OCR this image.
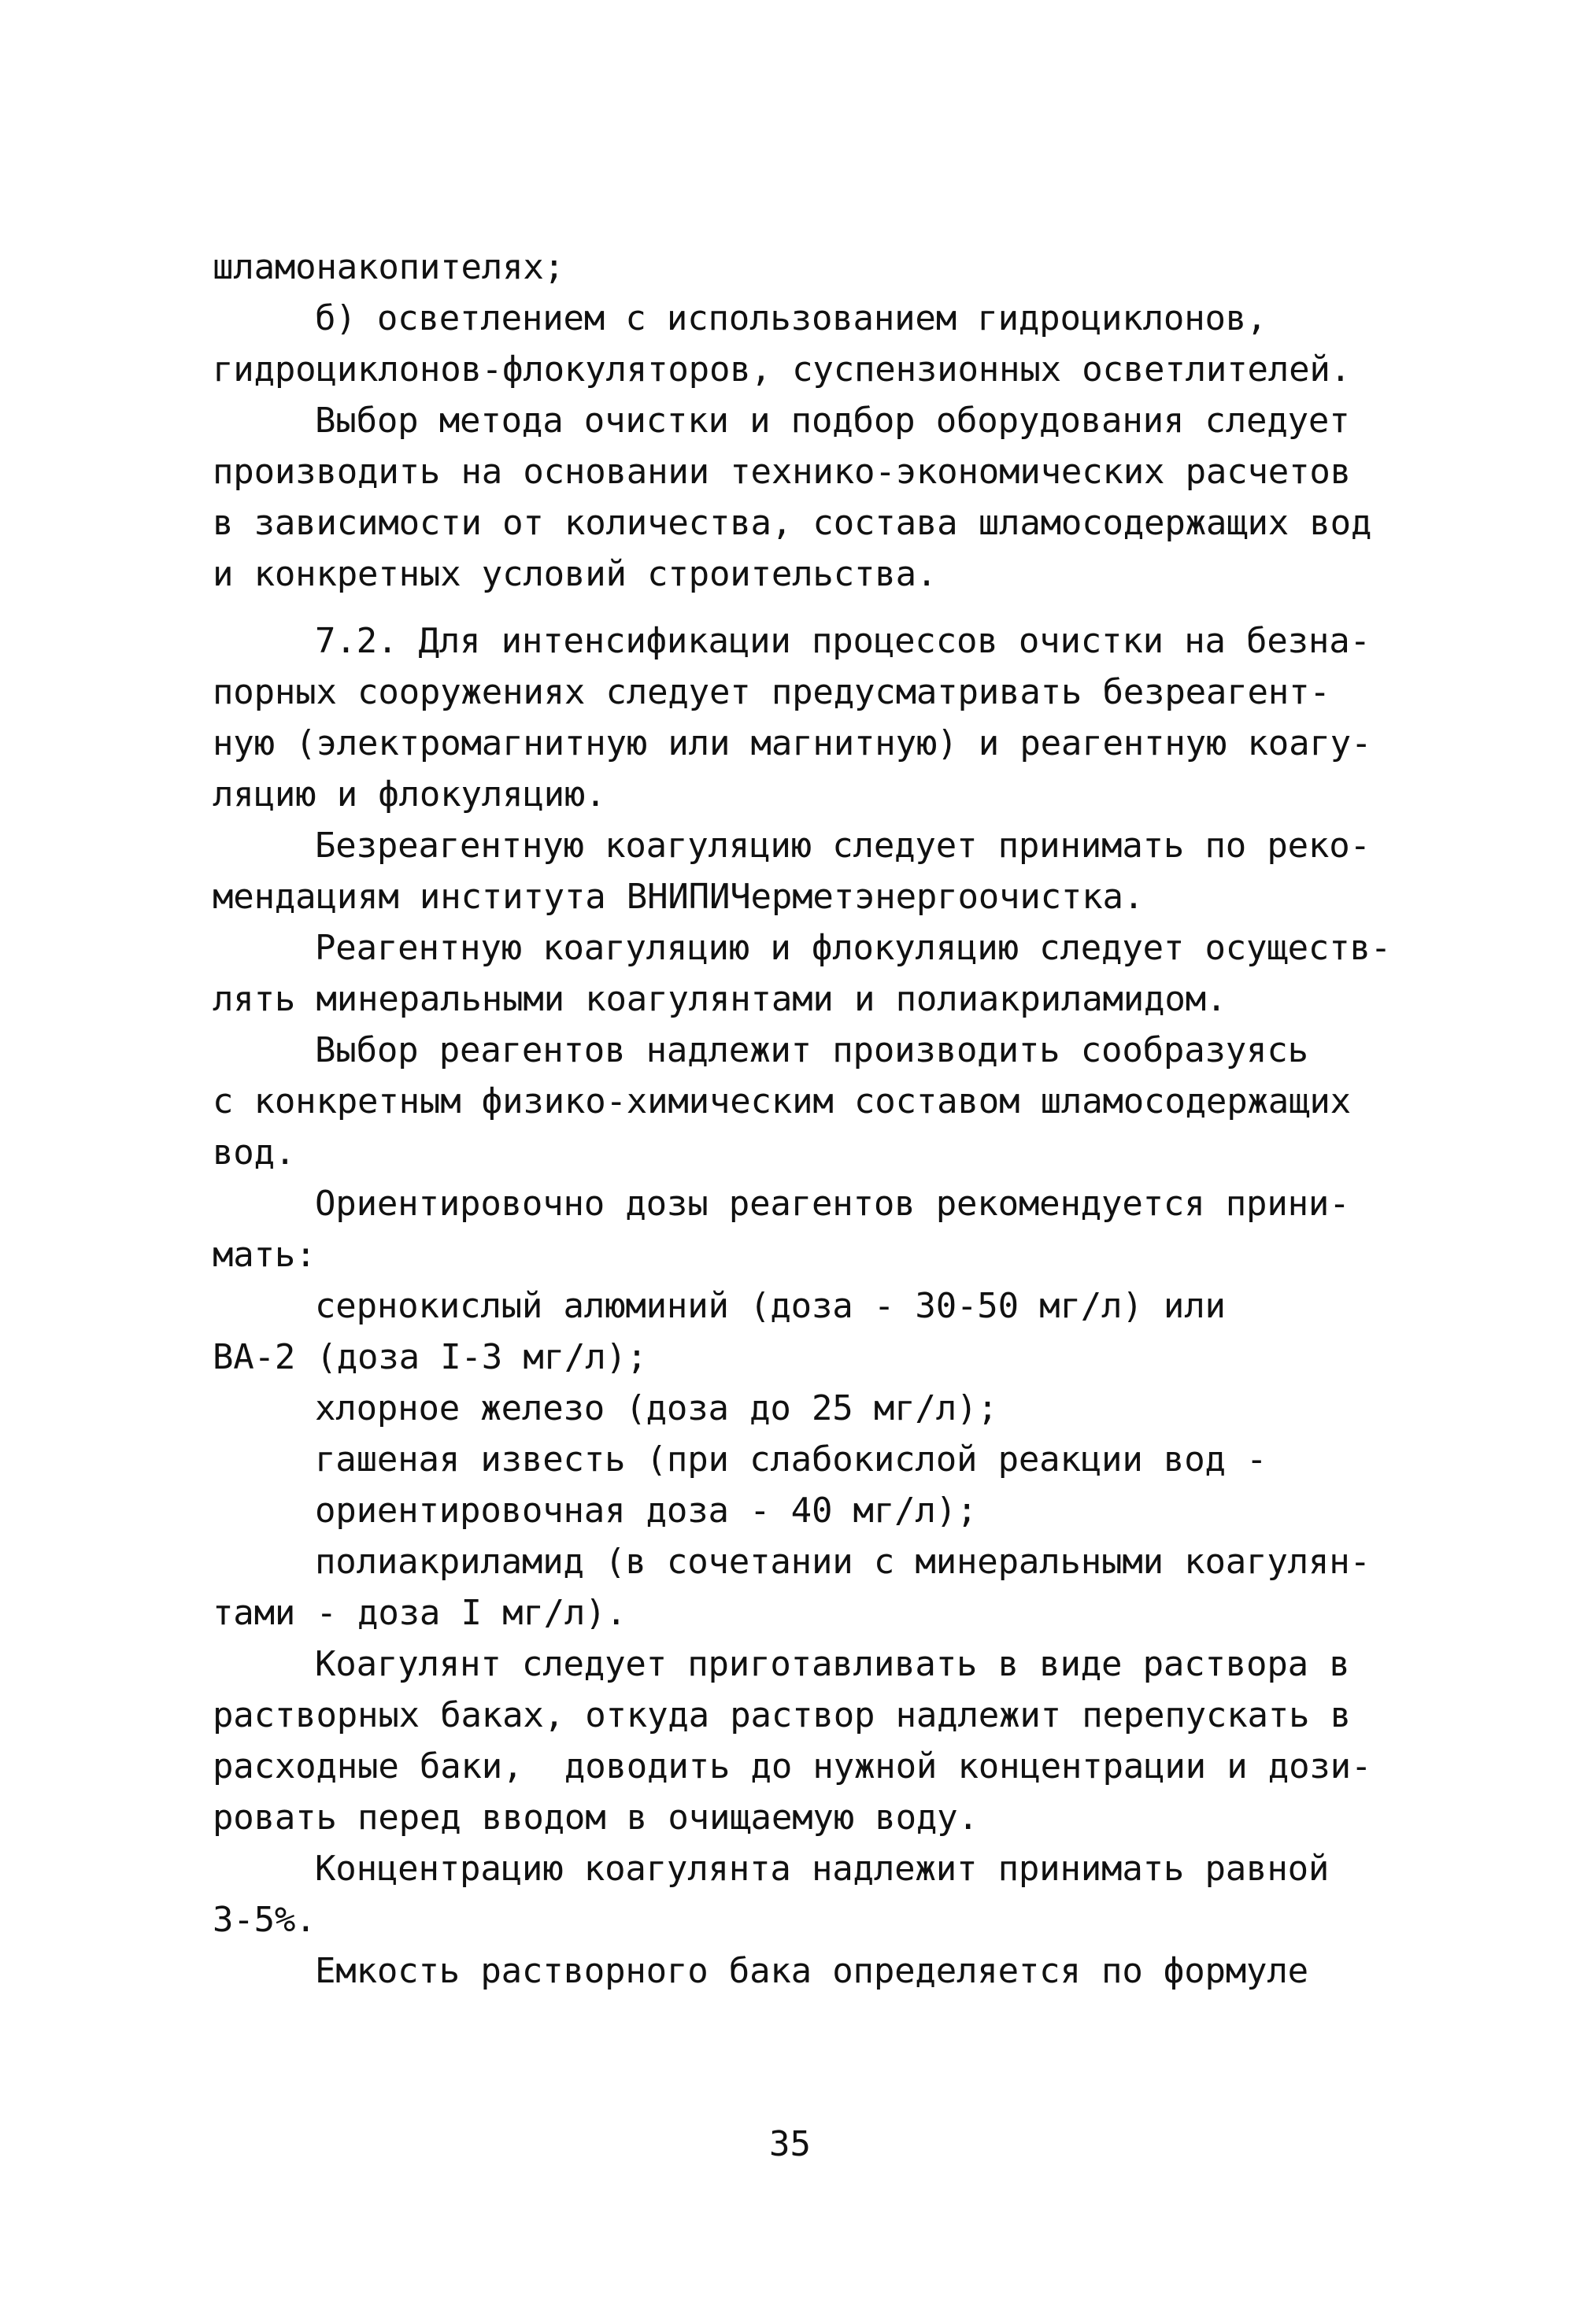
шламонакопителях;
б) осветлением с использованием гидроциклонов,
гидроциклонов-флокуляторов, суспензионных осветлителей.
Выбор метода очистки и подбор оборудования следует
производить на основании технико-экономических расчетов
в зависимости от количества, состава шламосодержащих вод
и конкретных условий строительства.
7.2. Для интенсификации процессов очистки на безна-
порных сооружениях следует предусматривать безреагент-
ную (электромагнитную или магнитную) и реагентную коагу-
ляцию и флокуляцию.
Безреагентную коагуляцию следует принимать по реко-
мендациям института ВНИПИЧерметэнергоочистка.
Реагентную коагуляцию и флокуляцию следует осуществ-
лять минеральными коагулянтами и полиакриламидом.
Выбор реагентов надлежит производить сообразуясь
с конкретным физико-химическим составом шламосодержащих
вод.
Ориентировочно дозы реагентов рекомендуется прини-
мать:
сернокислый алюминий (доза - 30-50 мг/л) или
ВА-2 (доза I-3 мг/л);
хлорное железо (доза до 25 мг/л);
гашеная известь (при слабокислой реакции вод -
ориентировочная доза - 40 мг/л);
полиакриламид (в сочетании с минеральными коагулян-
тами - доза I мг/л).
Коагулянт следует приготавливать в виде раствора в
растворных баках, откуда раствор надлежит перепускать в
расходные баки,  доводить до нужной концентрации и дози-
ровать перед вводом в очищаемую воду.
Концентрацию коагулянта надлежит принимать равной
3-5%.
Емкость растворного бака определяется по формуле
35
